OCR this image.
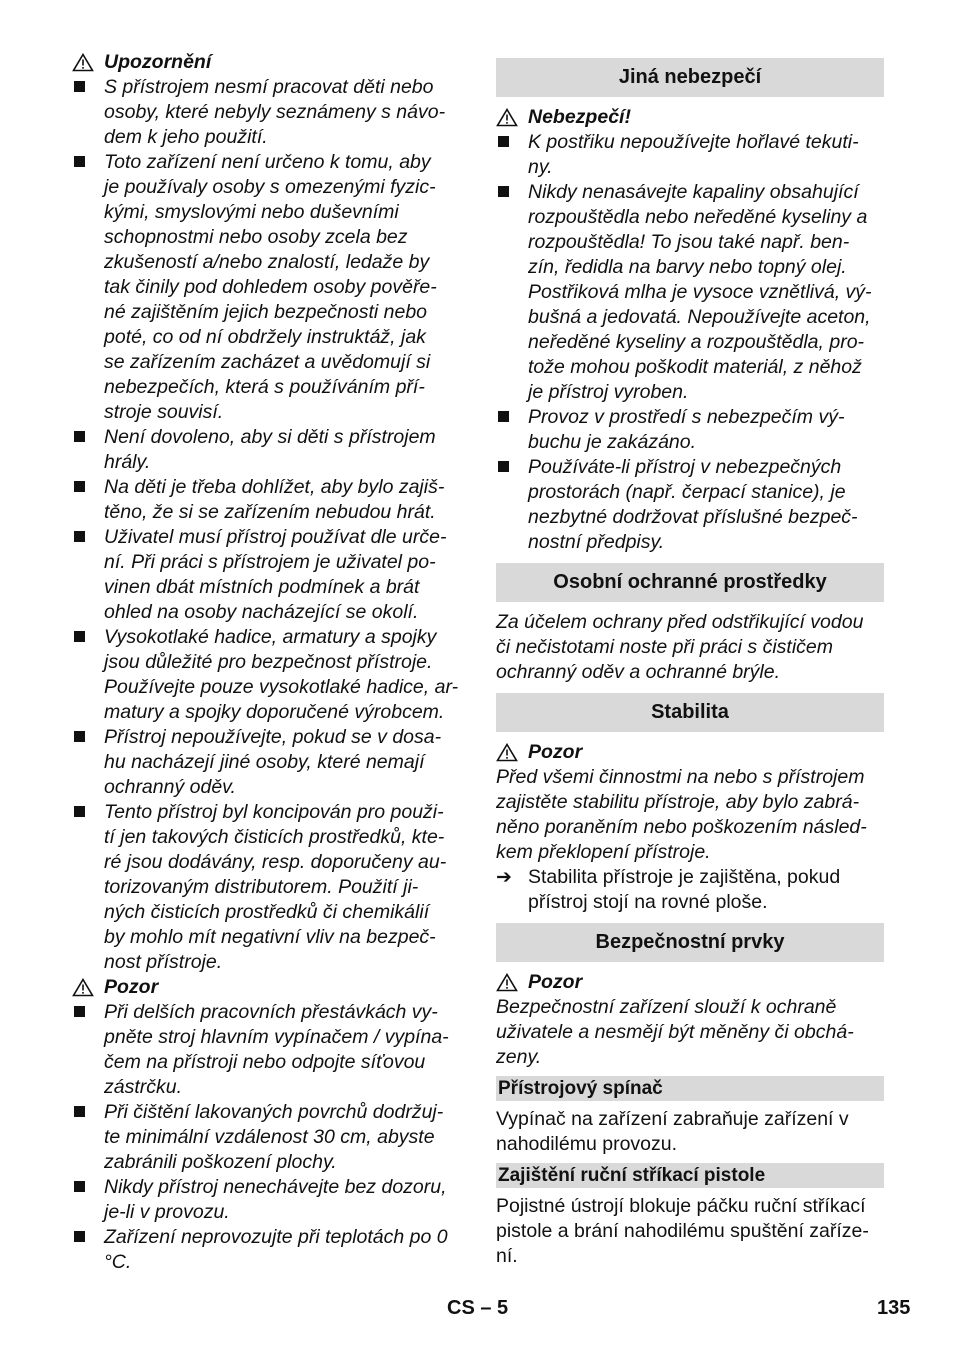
Upozornění
S přístrojem nesmí pracovat děti nebo
osoby, které nebyly seznámeny s návo-
dem k jeho použití.
Toto zařízení není určeno k tomu, aby
je používaly osoby s omezenými fyzic-
kými, smyslovými nebo duševními
schopnostmi nebo osoby zcela bez
zkušeností a/nebo znalostí, ledaže by
tak činily pod dohledem osoby pověře-
né zajištěním jejich bezpečnosti nebo
poté, co od ní obdržely instruktáž, jak
se zařízením zacházet a uvědomují si
nebezpečích, která s používáním pří-
stroje souvisí.
Není dovoleno, aby si děti s přístrojem
hrály.
Na děti je třeba dohlížet, aby bylo zajiš-
těno, že si se zařízením nebudou hrát.
Uživatel musí přístroj používat dle urče-
ní. Při práci s přístrojem je uživatel po-
vinen dbát místních podmínek a brát
ohled na osoby nacházející se okolí.
Vysokotlaké hadice, armatury a spojky
jsou důležité pro bezpečnost přístroje.
Používejte pouze vysokotlaké hadice, ar-
matury a spojky doporučené výrobcem.
Přístroj nepoužívejte, pokud se v dosa-
hu nacházejí jiné osoby, které nemají
ochranný oděv.
Tento přístroj byl koncipován pro použi-
tí jen takových čisticích prostředků, kte-
ré jsou dodávány, resp. doporučeny au-
torizovaným distributorem. Použití ji-
ných čisticích prostředků či chemikálií
by mohlo mít negativní vliv na bezpeč-
nost přístroje.
Pozor
Při delších pracovních přestávkách vy-
pněte stroj hlavním vypínačem / vypína-
čem na přístroji nebo odpojte síťovou
zástrčku.
Při čištění lakovaných povrchů dodržuj-
te minimální vzdálenost 30 cm, abyste
zabránili poškození plochy.
Nikdy přístroj nenechávejte bez dozoru,
je-li v provozu.
Zařízení neprovozujte při teplotách po 0
°C.
Jiná nebezpečí
Nebezpečí!
K postřiku nepoužívejte hořlavé tekuti-
ny.
Nikdy nenasávejte kapaliny obsahující
rozpouštědla nebo neředěné kyseliny a
rozpouštědla! To jsou také např. ben-
zín, ředidla na barvy nebo topný olej.
Postřiková mlha je vysoce vznětlivá, vý-
bušná a jedovatá. Nepoužívejte aceton,
neředěné kyseliny a rozpouštědla, pro-
tože mohou poškodit materiál, z něhož
je přístroj vyroben.
Provoz v prostředí s nebezpečím vý-
buchu je zakázáno.
Používáte-li přístroj v nebezpečných
prostorách (např. čerpací stanice), je
nezbytné dodržovat příslušné bezpeč-
nostní předpisy.
Osobní ochranné prostředky
Za účelem ochrany před odstřikující vodou
či nečistotami noste při práci s čističem
ochranný oděv a ochranné brýle.
Stabilita
Pozor
Před všemi činnostmi na nebo s přístrojem
zajistěte stabilitu přístroje, aby bylo zabrá-
něno poraněním nebo poškozením násled-
kem překlopení přístroje.
➔ Stabilita přístroje je zajištěna, pokud
přístroj stojí na rovné ploše.
Bezpečnostní prvky
Pozor
Bezpečnostní zařízení slouží k ochraně
uživatele a nesmějí být měněny či obchá-
zeny.
Přístrojový spínač
Vypínač na zařízení zabraňuje zařízení v
nahodilému provozu.
Zajištění ruční stříkací pistole
Pojistné ústrojí blokuje páčku ruční stříkací
pistole a brání nahodilému spuštění zaříze-
ní.
CS – 5	135
